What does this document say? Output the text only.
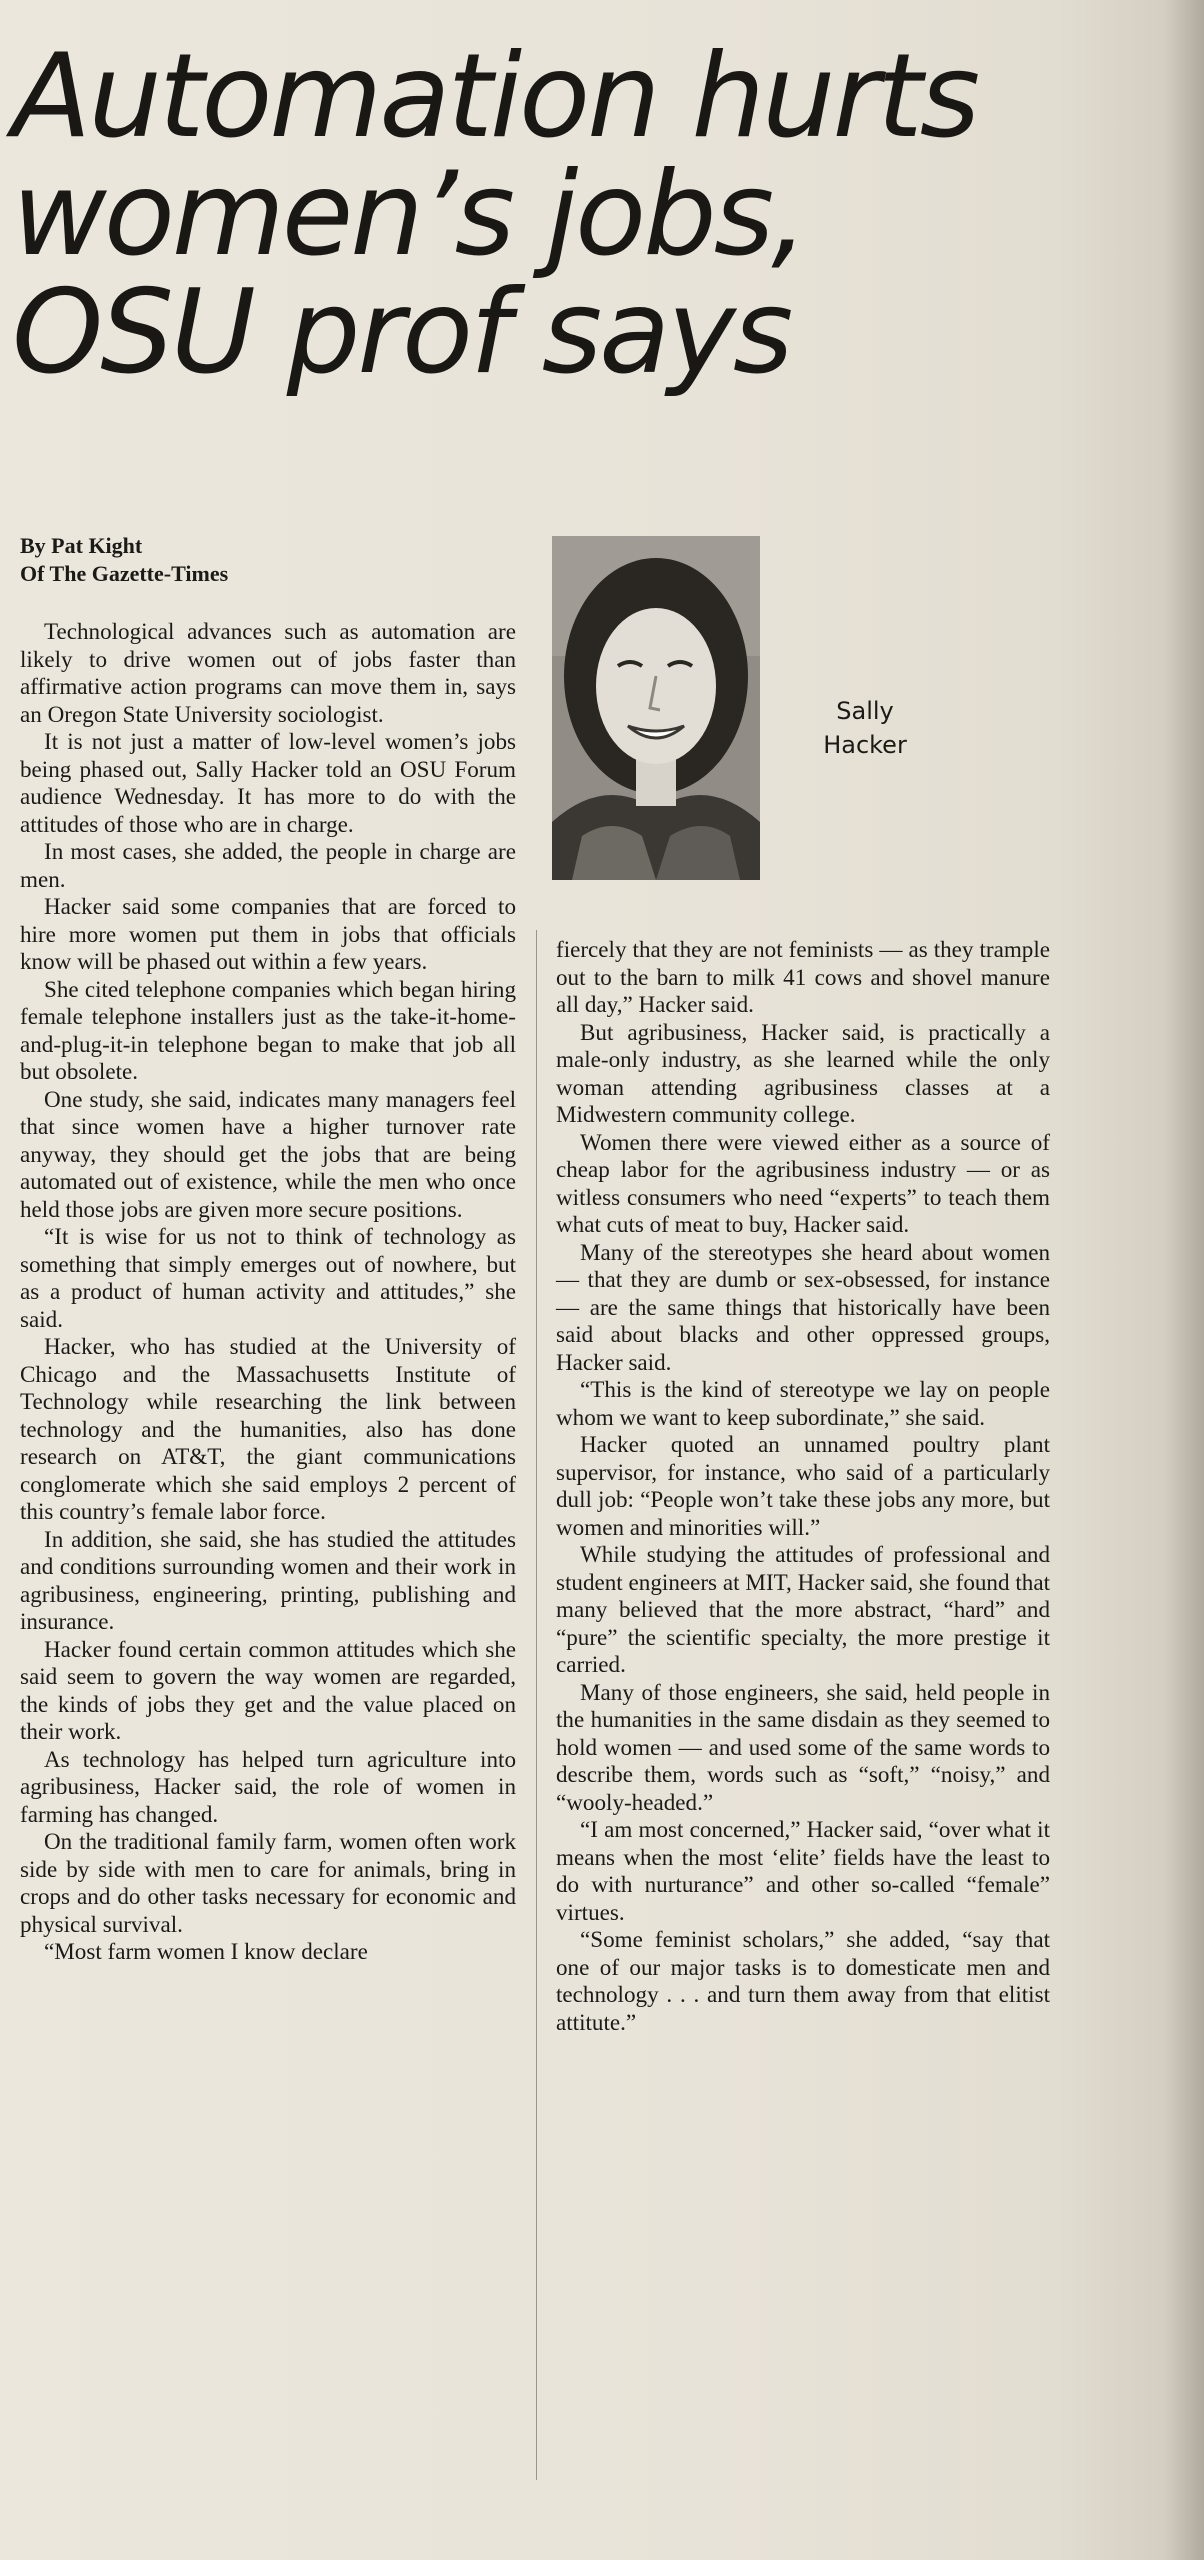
Automation hurts
women’s jobs,
OSU prof says
By Pat Kight
Of The Gazette-Times
Sally
Hacker

Technological advances such as automation are likely to drive women out of jobs faster than affirmative action programs can move them in, says an Oregon State University sociologist.

It is not just a matter of low-level women’s jobs being phased out, Sally Hacker told an OSU Forum audience Wednesday. It has more to do with the attitudes of those who are in charge.

In most cases, she added, the people in charge are men.

Hacker said some companies that are forced to hire more women put them in jobs that officials know will be phased out within a few years.

She cited telephone companies which began hiring female telephone installers just as the take-it-home-and-plug-it-in telephone began to make that job all but obsolete.

One study, she said, indicates many managers feel that since women have a higher turnover rate anyway, they should get the jobs that are being automated out of existence, while the men who once held those jobs are given more secure positions.

“It is wise for us not to think of technology as something that simply emerges out of nowhere, but as a product of human activity and attitudes,” she said.

Hacker, who has studied at the University of Chicago and the Massachusetts Institute of Technology while researching the link between technology and the humanities, also has done research on AT&T, the giant communications conglomerate which she said employs 2 percent of this country’s female labor force.

In addition, she said, she has studied the attitudes and conditions surrounding women and their work in agribusiness, engineering, printing, publishing and insurance.

Hacker found certain common attitudes which she said seem to govern the way women are regarded, the kinds of jobs they get and the value placed on their work.

As technology has helped turn agriculture into agribusiness, Hacker said, the role of women in farming has changed.

On the traditional family farm, women often work side by side with men to care for animals, bring in crops and do other tasks necessary for economic and physical survival.

“Most farm women I know declare

fiercely that they are not feminists — as they trample out to the barn to milk 41 cows and shovel manure all day,” Hacker said.

But agribusiness, Hacker said, is practically a male-only industry, as she learned while the only woman attending agribusiness classes at a Midwestern community college.

Women there were viewed either as a source of cheap labor for the agribusiness industry — or as witless consumers who need “experts” to teach them what cuts of meat to buy, Hacker said.

Many of the stereotypes she heard about women — that they are dumb or sex-obsessed, for instance — are the same things that historically have been said about blacks and other oppressed groups, Hacker said.

“This is the kind of stereotype we lay on people whom we want to keep subordinate,” she said.

Hacker quoted an unnamed poultry plant supervisor, for instance, who said of a particularly dull job: “People won’t take these jobs any more, but women and minorities will.”

While studying the attitudes of professional and student engineers at MIT, Hacker said, she found that many believed that the more abstract, “hard” and “pure” the scientific specialty, the more prestige it carried.

Many of those engineers, she said, held people in the humanities in the same disdain as they seemed to hold women — and used some of the same words to describe them, words such as “soft,” “noisy,” and “wooly-headed.”

“I am most concerned,” Hacker said, “over what it means when the most ‘elite’ fields have the least to do with nurturance” and other so-called “female” virtues.

“Some feminist scholars,” she added, “say that one of our major tasks is to domesticate men and technology . . . and turn them away from that elitist attitute.”
